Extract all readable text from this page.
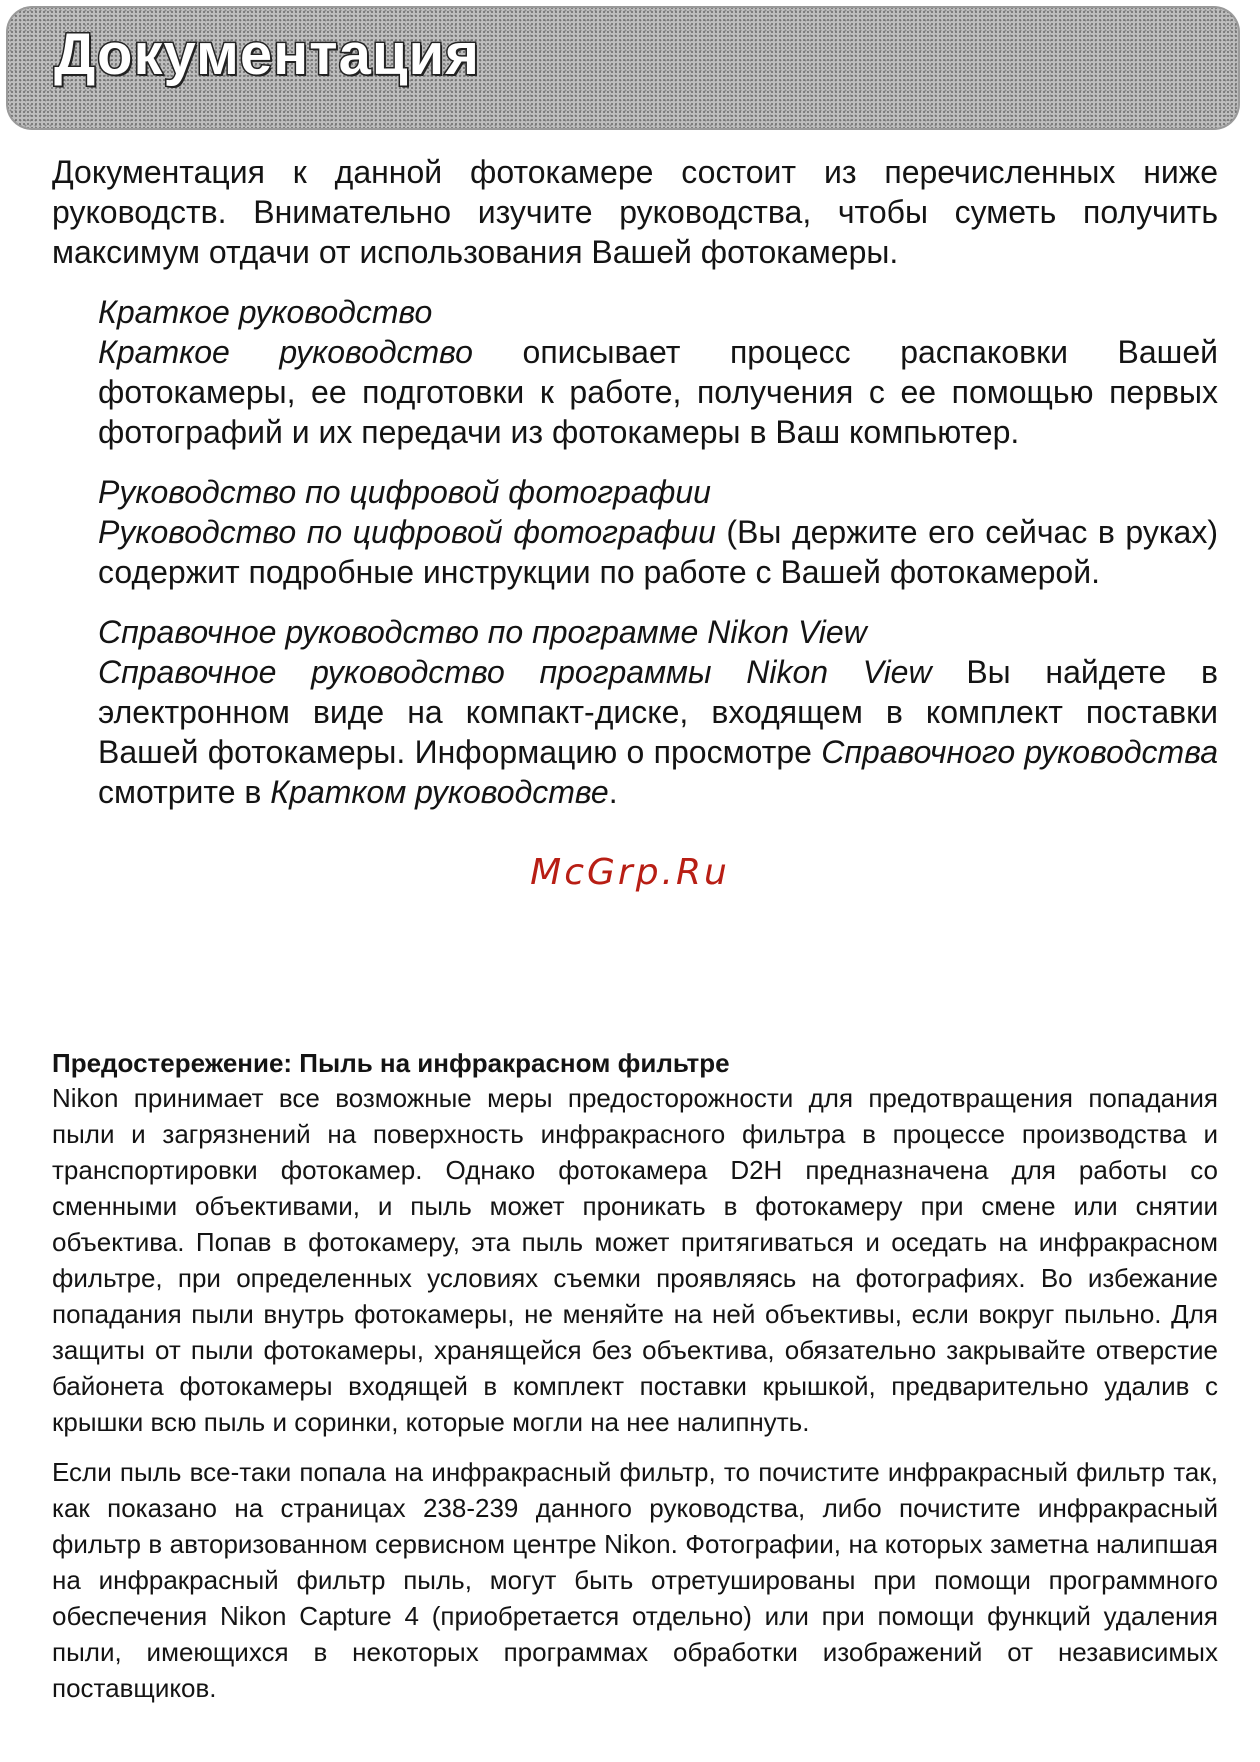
Документация

Документация к данной фотокамере состоит из перечисленных ниже руководств. Внимательно изучите руководства, чтобы суметь получить максимум отдачи от использования Вашей фотокамеры.

Краткое руководство

Краткое руководство описывает процесс распаковки Вашей фотокамеры, ее подготовки к работе, получения с ее помощью первых фотографий и их передачи из фотокамеры в Ваш компьютер.

Руководство по цифровой фотографии

Руководство по цифровой фотографии (Вы держите его сейчас в руках) содержит подробные инструкции по работе с Вашей фотокамерой.

Справочное руководство по программе Nikon View

Справочное руководство программы Nikon View Вы найдете в электронном виде на компакт-диске, входящем в комплект поставки Вашей фотокамеры. Информацию о просмотре Справочного руководства смотрите в Кратком руководстве.

McGrp.Ru

Предостережение: Пыль на инфракрасном фильтре

Nikon принимает все возможные меры предосторожности для предотвращения попадания пыли и загрязнений на поверхность инфракрасного фильтра в процессе производства и транспортировки фотокамер. Однако фотокамера D2H предназначена для работы со сменными объективами, и пыль может проникать в фотокамеру при смене или снятии объектива. Попав в фотокамеру, эта пыль может притягиваться и оседать на инфракрасном фильтре, при определенных условиях съемки проявляясь на фотографиях. Во избежание попадания пыли внутрь фотокамеры, не меняйте на ней объективы, если вокруг пыльно. Для защиты от пыли фотокамеры, хранящейся без объектива, обязательно закрывайте отверстие байонета фотокамеры входящей в комплект поставки крышкой, предварительно удалив с крышки всю пыль и соринки, которые могли на нее налипнуть.

Если пыль все-таки попала на инфракрасный фильтр, то почистите инфракрасный фильтр так, как показано на страницах 238-239 данного руководства, либо почистите инфракрасный фильтр в авторизованном сервисном центре Nikon. Фотографии, на которых заметна налипшая на инфракрасный фильтр пыль, могут быть отретушированы при помощи программного обеспечения Nikon Capture 4 (приобретается отдельно) или при помощи функций удаления пыли, имеющихся в некоторых программах обработки изображений от независимых поставщиков.
